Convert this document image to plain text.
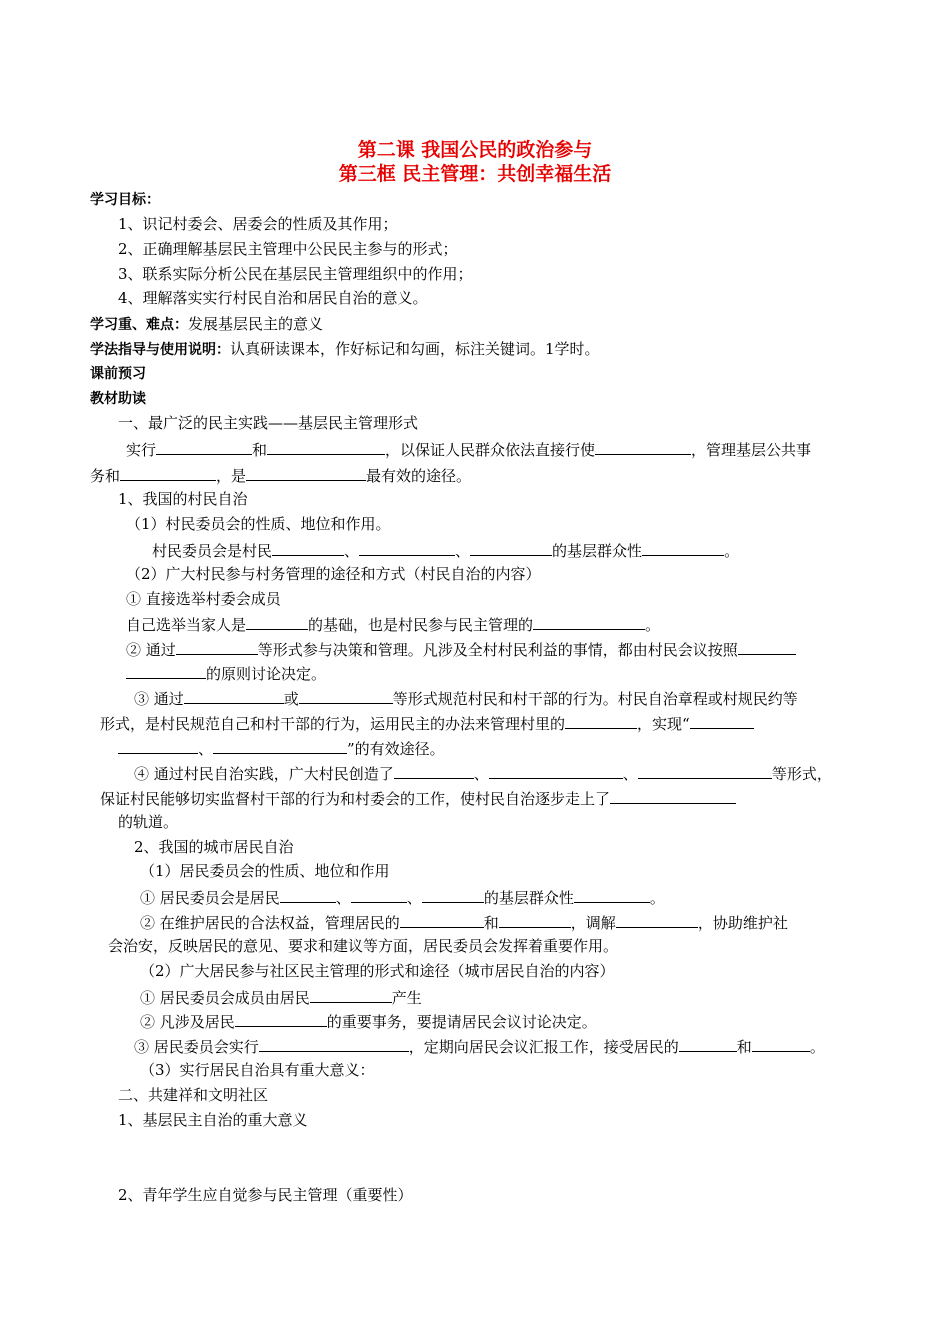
第二课 我国公民的政治参与
第三框 民主管理：共创幸福生活
学习目标：
1、识记村委会、居委会的性质及其作用；
2、正确理解基层民主管理中公民民主参与的形式；
3、联系实际分析公民在基层民主管理组织中的作用；
4、理解落实实行村民自治和居民自治的意义。
学习重、难点：发展基层民主的意义
学法指导与使用说明：认真研读课本，作好标记和勾画，标注关键词。1学时。
课前预习
教材助读
一、最广泛的民主实践——基层民主管理形式
实行	和	，以保证人民群众依法直接行使	，管理基层公共事
务和	，是	最有效的途径。
1、我国的村民自治
（1）村民委员会的性质、地位和作用。
村民委员会是村民	、	、	的基层群众性	。
（2）广大村民参与村务管理的途径和方式（村民自治的内容）
① 直接选举村委会成员
自己选举当家人是	的基础，也是村民参与民主管理的	。
② 通过	等形式参与决策和管理。凡涉及全村村民利益的事情，都由村民会议按照
的原则讨论决定。
③ 通过	或	等形式规范村民和村干部的行为。村民自治章程或村规民约等
形式，是村民规范自己和村干部的行为，运用民主的办法来管理村里的	，实现“
、	”的有效途径。
④ 通过村民自治实践，广大村民创造了	、	、	等形式，
保证村民能够切实监督村干部的行为和村委会的工作，使村民自治逐步走上了
的轨道。
2、我国的城市居民自治
（1）居民委员会的性质、地位和作用
① 居民委员会是居民	、	、	的基层群众性	。
② 在维护居民的合法权益，管理居民的	和	，调解	，协助维护社
会治安，反映居民的意见、要求和建议等方面，居民委员会发挥着重要作用。
（2）广大居民参与社区民主管理的形式和途径（城市居民自治的内容）
① 居民委员会成员由居民	产生
② 凡涉及居民	的重要事务，要提请居民会议讨论决定。
③ 居民委员会实行	，定期向居民会议汇报工作，接受居民的	和	。
（3）实行居民自治具有重大意义：
二、共建祥和文明社区
1、基层民主自治的重大意义
2、青年学生应自觉参与民主管理（重要性）
